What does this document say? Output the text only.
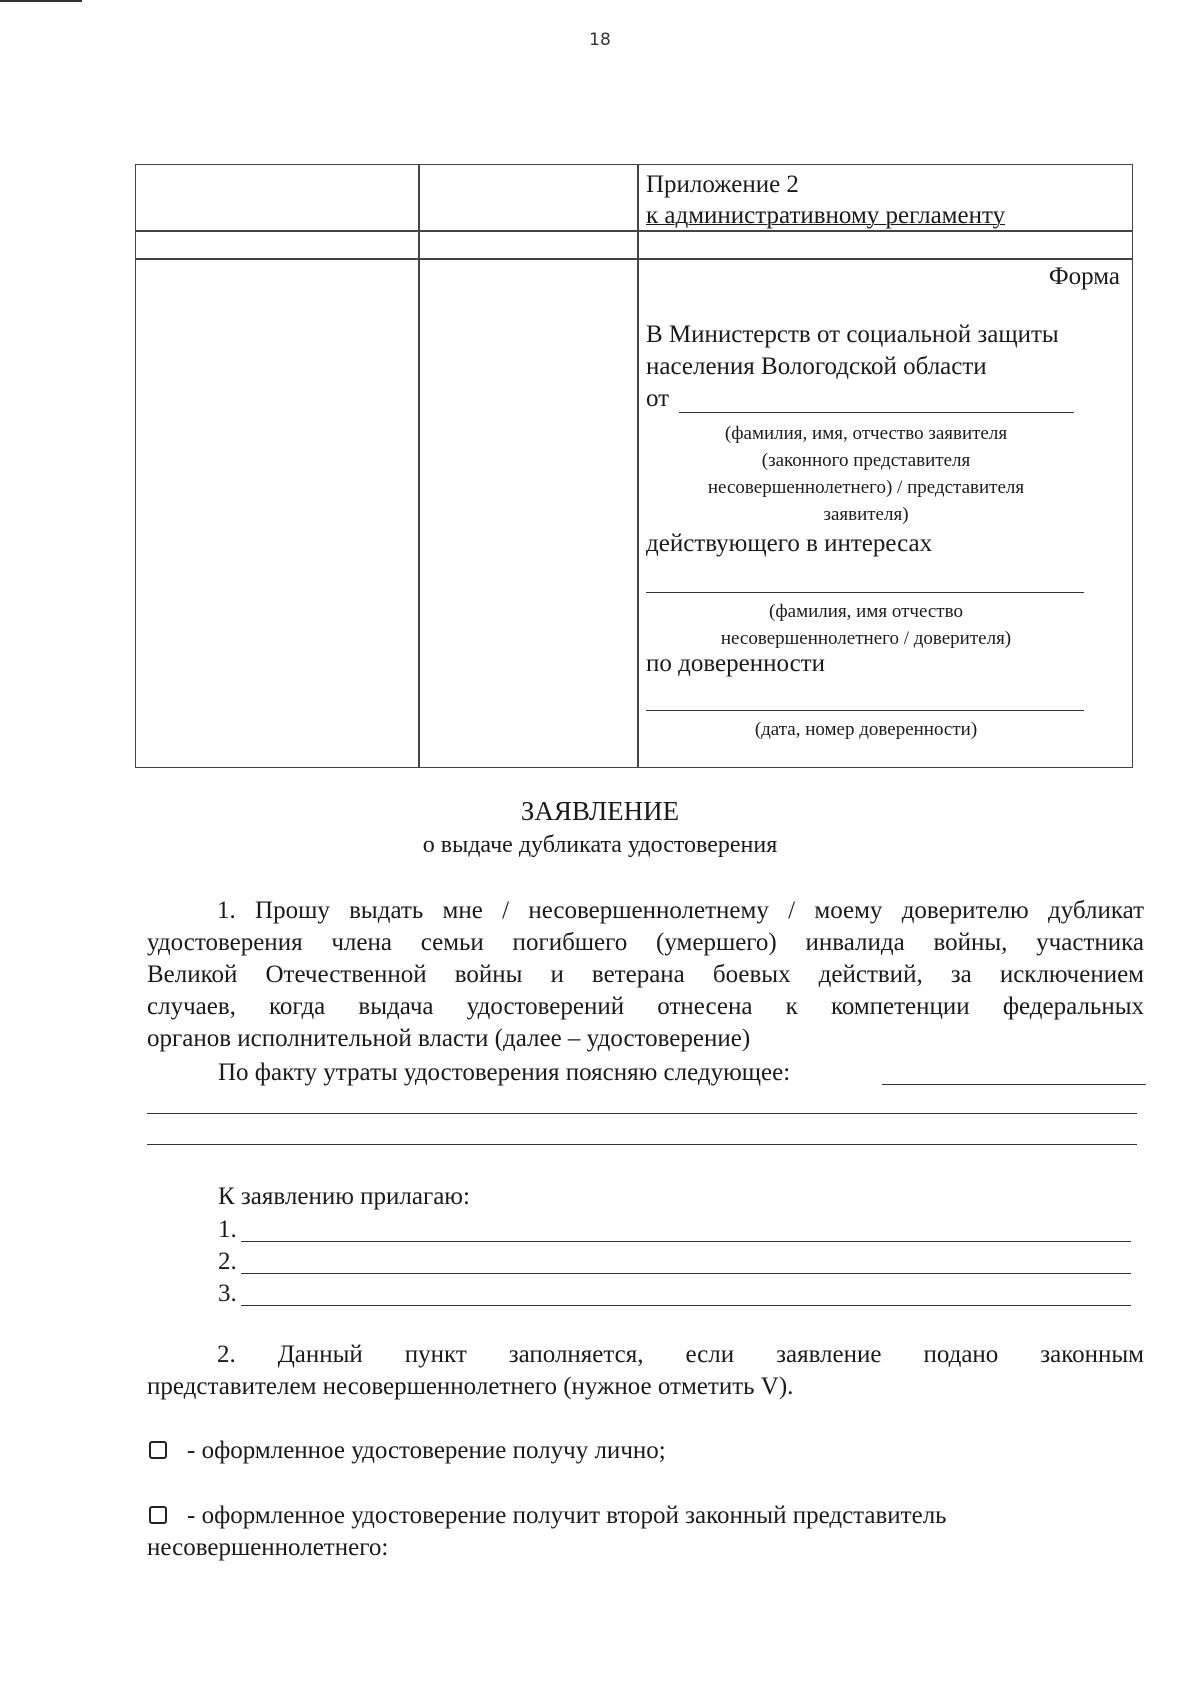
18
Приложение 2
к административному регламенту
Форма
В Министерств от социальной защиты
населения Вологодской области
от
(фамилия, имя, отчество заявителя
(законного представителя
несовершеннолетнего) / представителя
заявителя)
действующего в интересах
(фамилия, имя отчество
несовершеннолетнего / доверителя)
по доверенности
(дата, номер доверенности)
ЗАЯВЛЕНИЕ
о выдаче дубликата удостоверения
1. Прошу выдать мне / несовершеннолетнему / моему доверителю дубликат
удостоверения члена семьи погибшего (умершего) инвалида войны, участника
Великой Отечественной войны и ветерана боевых действий, за исключением
случаев, когда выдача удостоверений отнесена к компетенции федеральных
органов исполнительной власти (далее – удостоверение)
По факту утраты удостоверения поясняю следующее:
К заявлению прилагаю:
1.
2.
3.
2. Данный пункт заполняется, если заявление подано законным
представителем несовершеннолетнего (нужное отметить V).
- оформленное удостоверение получу лично;
- оформленное удостоверение получит второй законный представитель
несовершеннолетнего:
